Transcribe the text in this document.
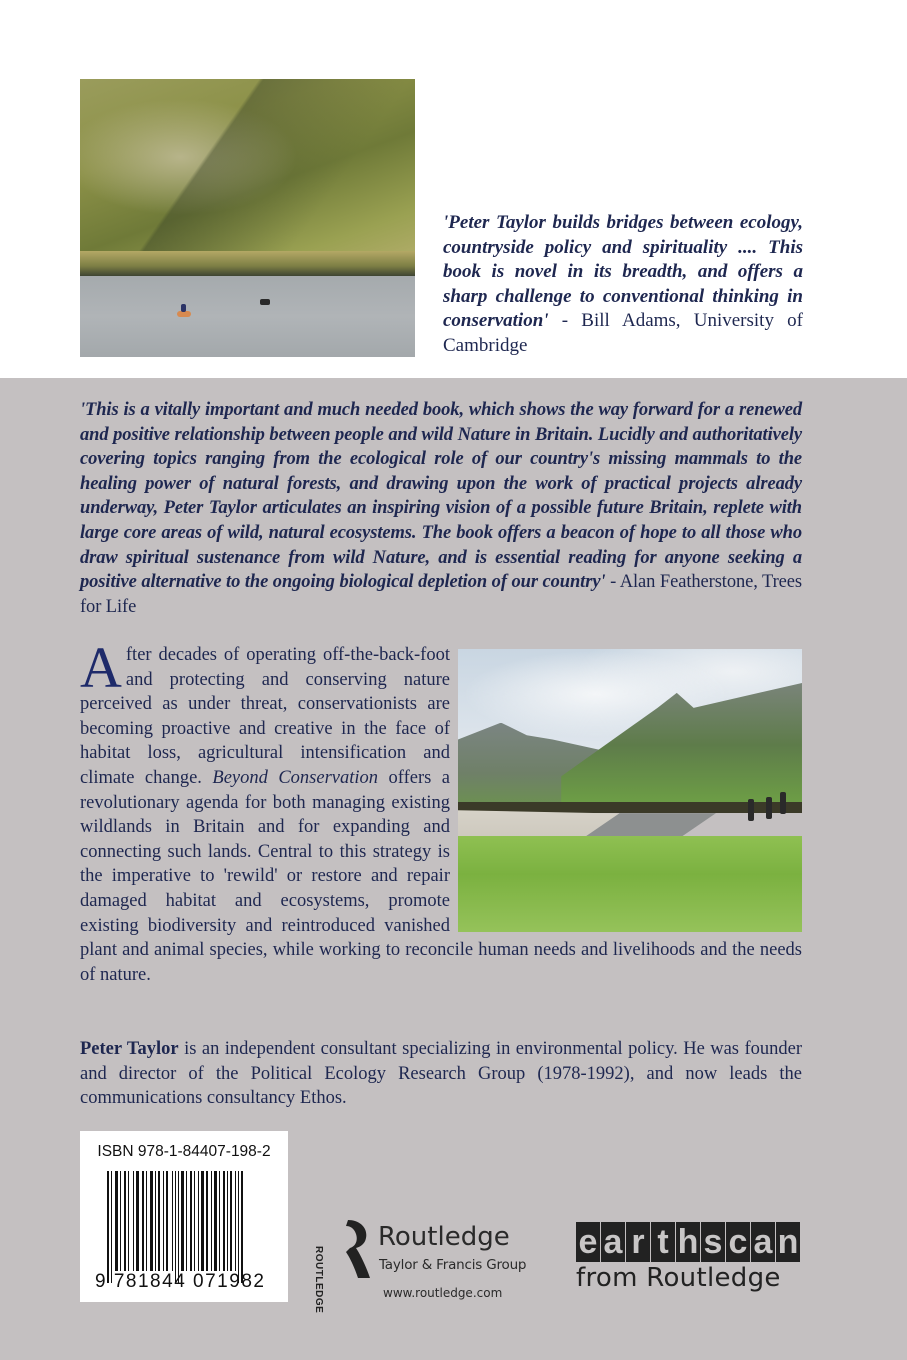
'Peter Taylor builds bridges between ecology, countryside policy and spirituality .... This book is novel in its breadth, and offers a sharp challenge to conventional thinking in conservation' - Bill Adams, University of Cambridge
'This is a vitally important and much needed book, which shows the way forward for a renewed and positive relationship between people and wild Nature in Britain. Lucidly and authoritatively covering topics ranging from the ecological role of our country's missing mammals to the healing power of natural forests, and drawing upon the work of practical projects already underway, Peter Taylor articulates an inspiring vision of a possible future Britain, replete with large core areas of wild, natural ecosystems. The book offers a beacon of hope to all those who draw spiritual sustenance from wild Nature, and is essential reading for anyone seeking a positive alternative to the ongoing biological depletion of our country' - Alan Featherstone, Trees for Life
After decades of operating off-the-back-foot and protecting and conserving nature perceived as under threat, conservationists are becoming proactive and creative in the face of habitat loss, agricultural intensification and climate change. Beyond Conservation offers a revolutionary agenda for both managing existing wildlands in Britain and for expanding and connecting such lands. Central to this strategy is the imperative to 'rewild' or restore and repair damaged habitat and ecosystems, promote existing biodiversity and reintroduced vanished plant and animal species, while working to reconcile human needs and livelihoods and the needs of nature.
Peter Taylor is an independent consultant specializing in environmental policy. He was founder and director of the Political Ecology Research Group (1978-1992), and now leads the communications consultancy Ethos.
ISBN 978-1-84407-198-2
9 781844 071982	ROUTLEDGE
Routledge
Taylor & Francis Group
www.routledge.com
e a r t h s c a n
from Routledge
